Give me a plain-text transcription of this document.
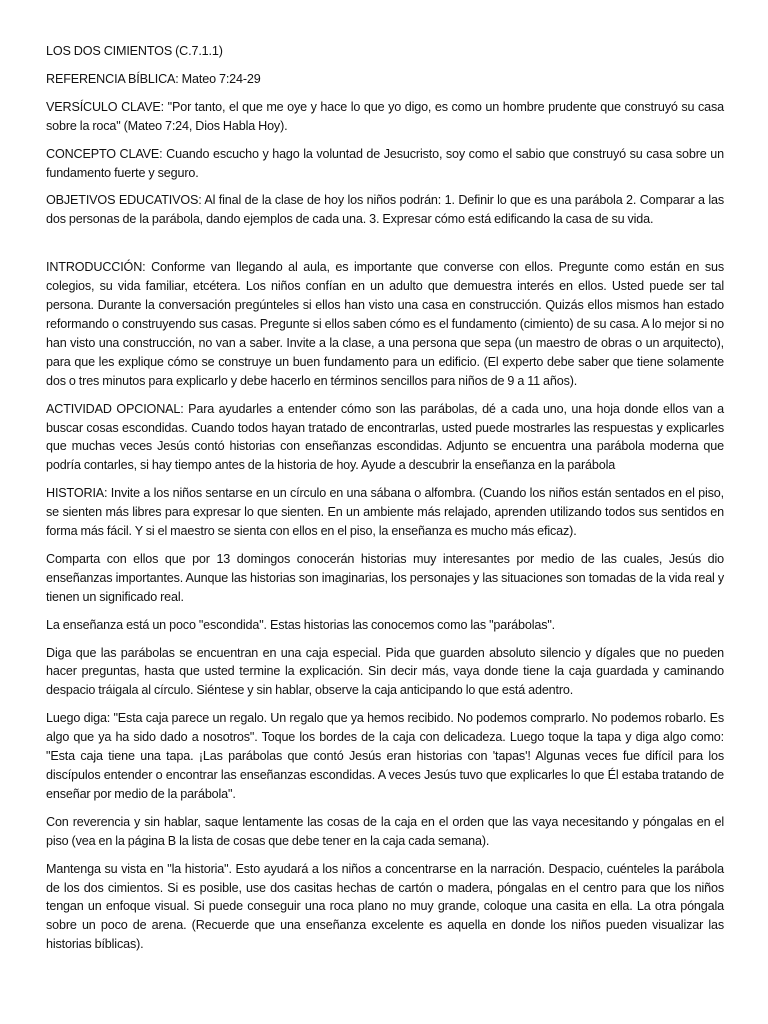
LOS DOS CIMIENTOS (C.7.1.1)

REFERENCIA BÍBLICA: Mateo 7:24-29

VERSÍCULO CLAVE: "Por tanto, el que me oye y hace lo que yo digo, es como un hombre prudente que construyó su casa sobre la roca" (Mateo 7:24, Dios Habla Hoy).

CONCEPTO CLAVE: Cuando escucho y hago la voluntad de Jesucristo, soy como el sabio que construyó su casa sobre un fundamento fuerte y seguro.

OBJETIVOS EDUCATIVOS: Al final de la clase de hoy los niños podrán: 1. Definir lo que es una parábola 2. Comparar a las dos personas de la parábola, dando ejemplos de cada una. 3. Expresar cómo está edificando la casa de su vida.

INTRODUCCIÓN: Conforme van llegando al aula, es importante que converse con ellos. Pregunte como están en sus colegios, su vida familiar, etcétera. Los niños confían en un adulto que demuestra interés en ellos. Usted puede ser tal persona. Durante la conversación pregúnteles si ellos han visto una casa en construcción. Quizás ellos mismos han estado reformando o construyendo sus casas. Pregunte si ellos saben cómo es el fundamento (cimiento) de su casa. A lo mejor si no han visto una construcción, no van a saber. Invite a la clase, a una persona que sepa (un maestro de obras o un arquitecto), para que les explique cómo se construye un buen fundamento para un edificio. (El experto debe saber que tiene solamente dos o tres minutos para explicarlo y debe hacerlo en términos sencillos para niños de 9 a 11 años).

ACTIVIDAD OPCIONAL: Para ayudarles a entender cómo son las parábolas, dé a cada uno, una hoja donde ellos van a buscar cosas escondidas. Cuando todos hayan tratado de encontrarlas, usted puede mostrarles las respuestas y explicarles que muchas veces Jesús contó historias con enseñanzas escondidas. Adjunto se encuentra una parábola moderna que podría contarles, si hay tiempo antes de la historia de hoy. Ayude a descubrir la enseñanza en la parábola

HISTORIA: Invite a los niños sentarse en un círculo en una sábana o alfombra. (Cuando los niños están sentados en el piso, se sienten más libres para expresar lo que sienten. En un ambiente más relajado, aprenden utilizando todos sus sentidos en forma más fácil. Y si el maestro se sienta con ellos en el piso, la enseñanza es mucho más eficaz).

Comparta con ellos que por 13 domingos conocerán historias muy interesantes por medio de las cuales, Jesús dio enseñanzas importantes. Aunque las historias son imaginarias, los personajes y las situaciones son tomadas de la vida real y tienen un significado real.

La enseñanza está un poco "escondida". Estas historias las conocemos como las "parábolas".

Diga que las parábolas se encuentran en una caja especial. Pida que guarden absoluto silencio y dígales que no pueden hacer preguntas, hasta que usted termine la explicación. Sin decir más, vaya donde tiene la caja guardada y caminando despacio tráigala al círculo. Siéntese y sin hablar, observe la caja anticipando lo que está adentro.

Luego diga: "Esta caja parece un regalo. Un regalo que ya hemos recibido. No podemos comprarlo. No podemos robarlo. Es algo que ya ha sido dado a nosotros". Toque los bordes de la caja con delicadeza. Luego toque la tapa y diga algo como: "Esta caja tiene una tapa. ¡Las parábolas que contó Jesús eran historias con 'tapas'! Algunas veces fue difícil para los discípulos entender o encontrar las enseñanzas escondidas. A veces Jesús tuvo que explicarles lo que Él estaba tratando de enseñar por medio de la parábola".

Con reverencia y sin hablar, saque lentamente las cosas de la caja en el orden que las vaya necesitando y póngalas en el piso (vea en la página B la lista de cosas que debe tener en la caja cada semana).

Mantenga su vista en "la historia". Esto ayudará a los niños a concentrarse en la narración. Despacio, cuénteles la parábola de los dos cimientos. Si es posible, use dos casitas hechas de cartón o madera, póngalas en el centro para que los niños tengan un enfoque visual. Si puede conseguir una roca plano no muy grande, coloque una casita en ella. La otra póngala sobre un poco de arena. (Recuerde que una enseñanza excelente es aquella en donde los niños pueden visualizar las historias bíblicas).
